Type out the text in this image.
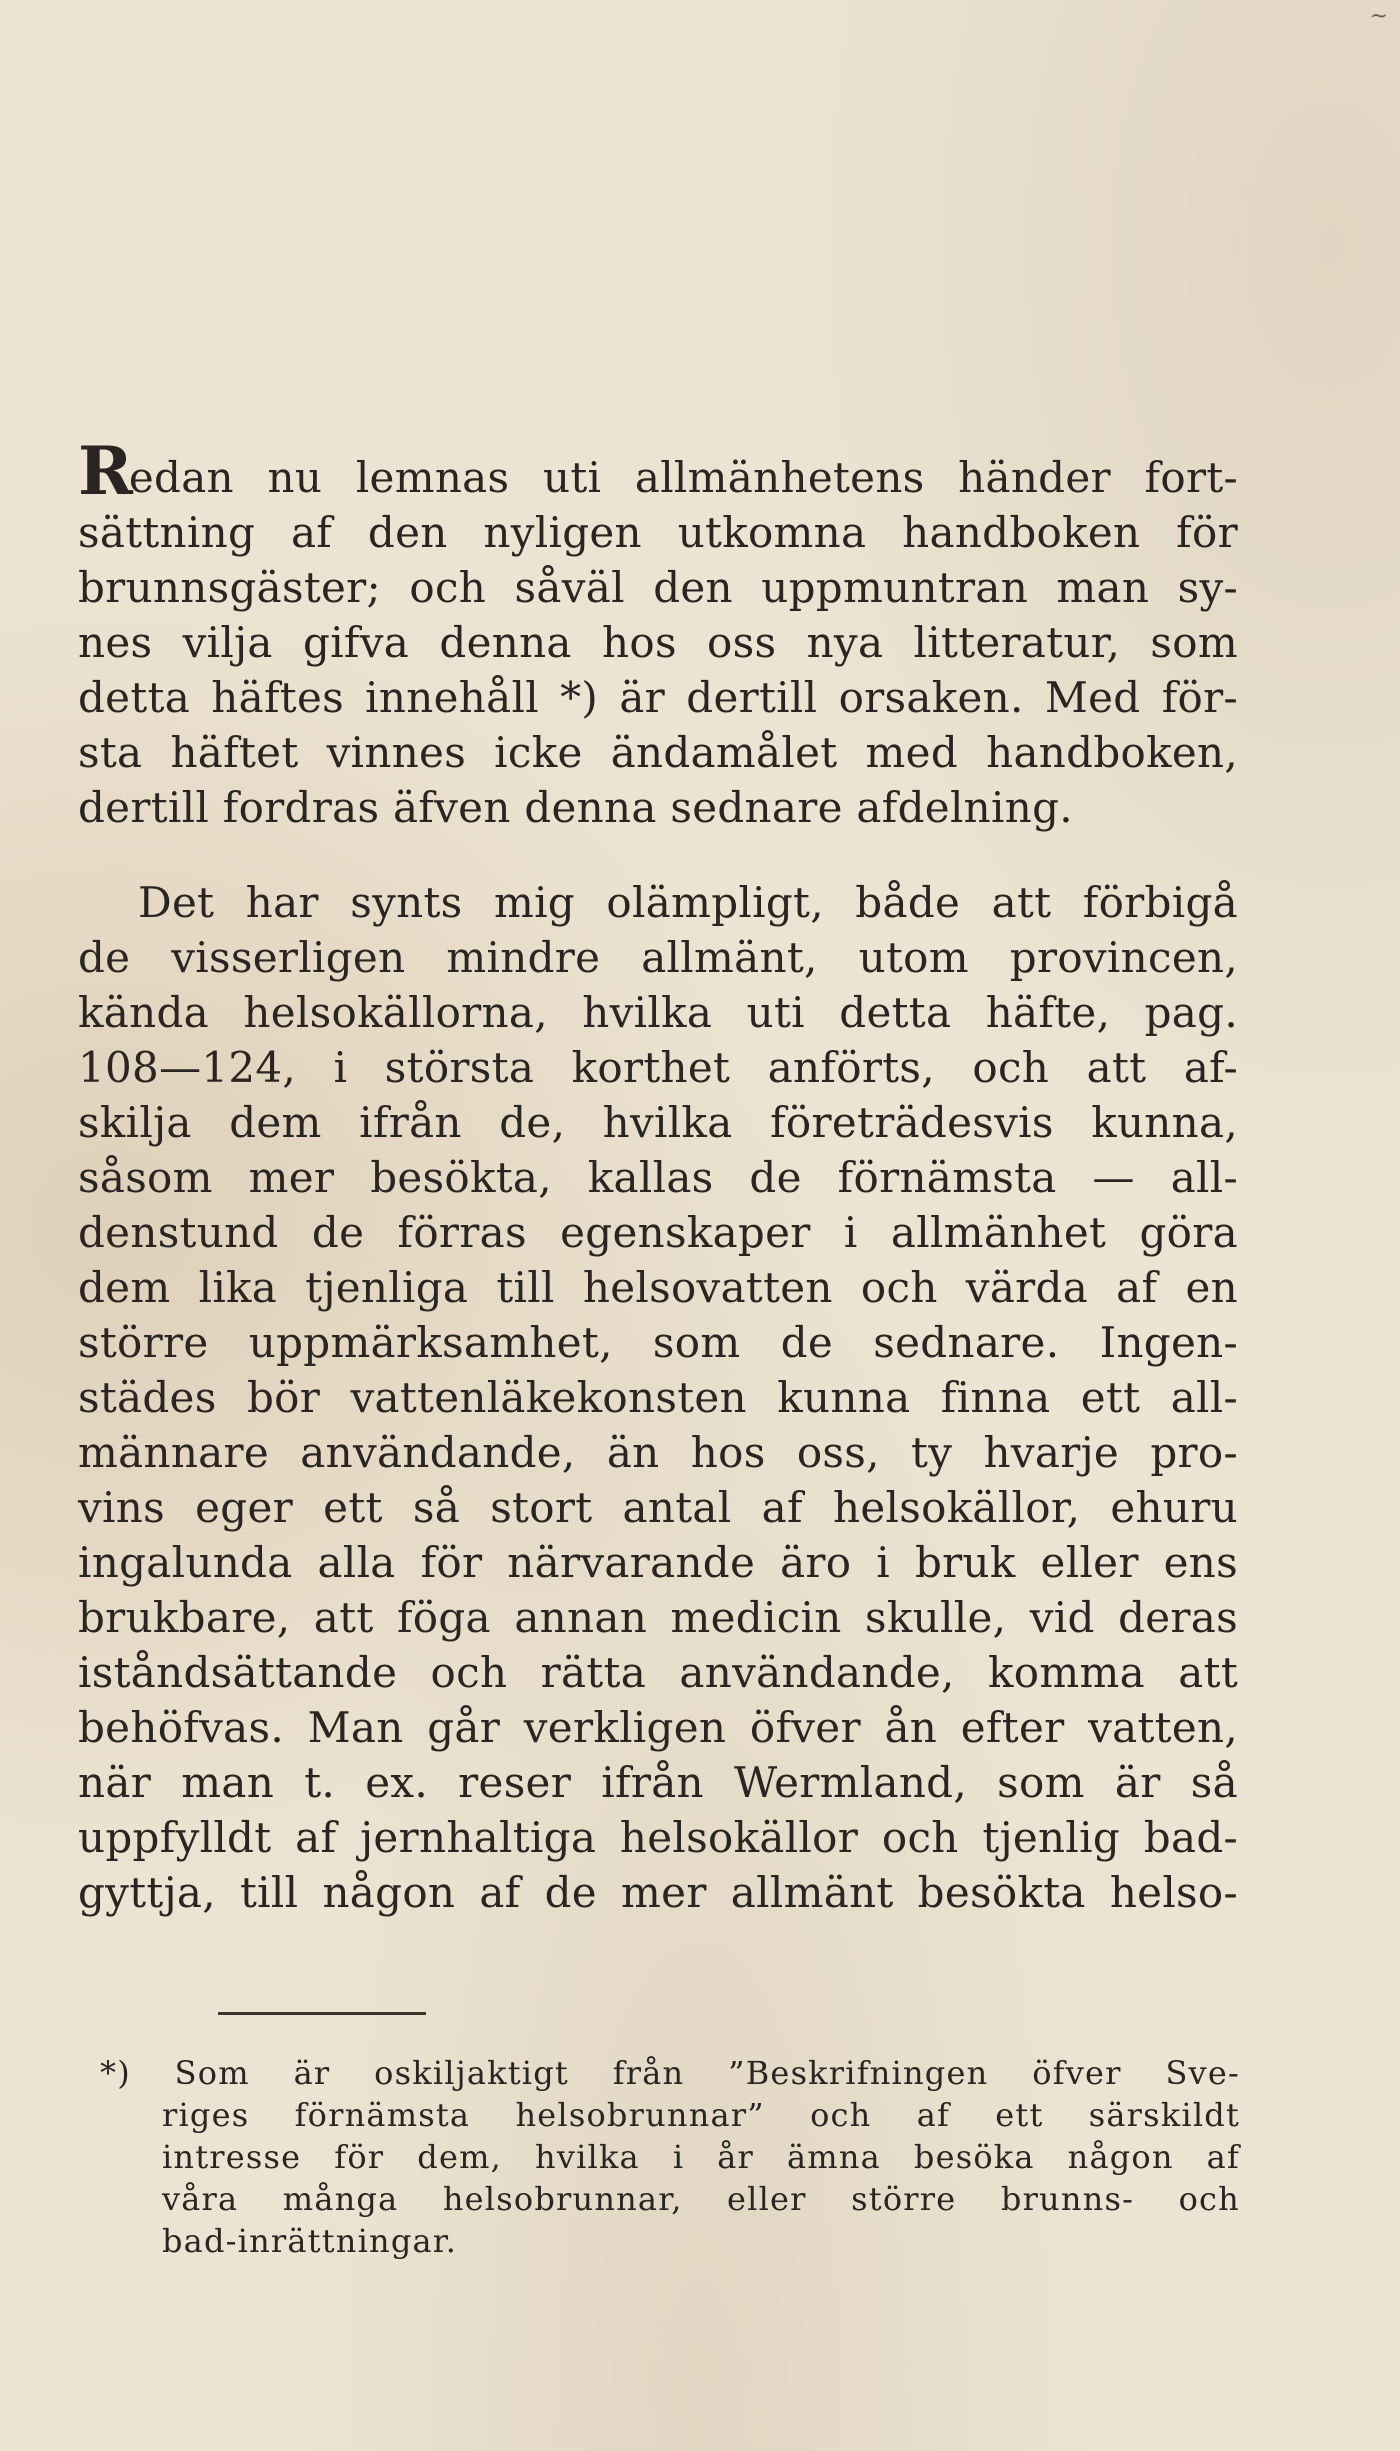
~
Redan nu lemnas uti allmänhetens händer fort-
sättning af den nyligen utkomna handboken för
brunnsgäster; och såväl den uppmuntran man sy-
nes vilja gifva denna hos oss nya litteratur, som
detta häftes innehåll *) är dertill orsaken. Med för-
sta häftet vinnes icke ändamålet med handboken,
dertill fordras äfven denna sednare afdelning.
Det har synts mig olämpligt, både att förbigå
de visserligen mindre allmänt, utom provincen,
kända helsokällorna, hvilka uti detta häfte, pag.
108—124, i största korthet anförts, och att af-
skilja dem ifrån de, hvilka företrädesvis kunna,
såsom mer besökta, kallas de förnämsta — all-
denstund de förras egenskaper i allmänhet göra
dem lika tjenliga till helsovatten och värda af en
större uppmärksamhet, som de sednare. Ingen-
städes bör vattenläkekonsten kunna finna ett all-
männare användande, än hos oss, ty hvarje pro-
vins eger ett så stort antal af helsokällor, ehuru
ingalunda alla för närvarande äro i bruk eller ens
brukbare, att föga annan medicin skulle, vid deras
iståndsättande och rätta användande, komma att
behöfvas. Man går verkligen öfver ån efter vatten,
när man t. ex. reser ifrån Wermland, som är så
uppfylldt af jernhaltiga helsokällor och tjenlig bad-
gyttja, till någon af de mer allmänt besökta helso-
*) Som är oskiljaktigt från ”Beskrifningen öfver Sve-
riges förnämsta helsobrunnar” och af ett särskildt
intresse för dem, hvilka i år ämna besöka någon af
våra många helsobrunnar, eller större brunns- och
bad-inrättningar.
